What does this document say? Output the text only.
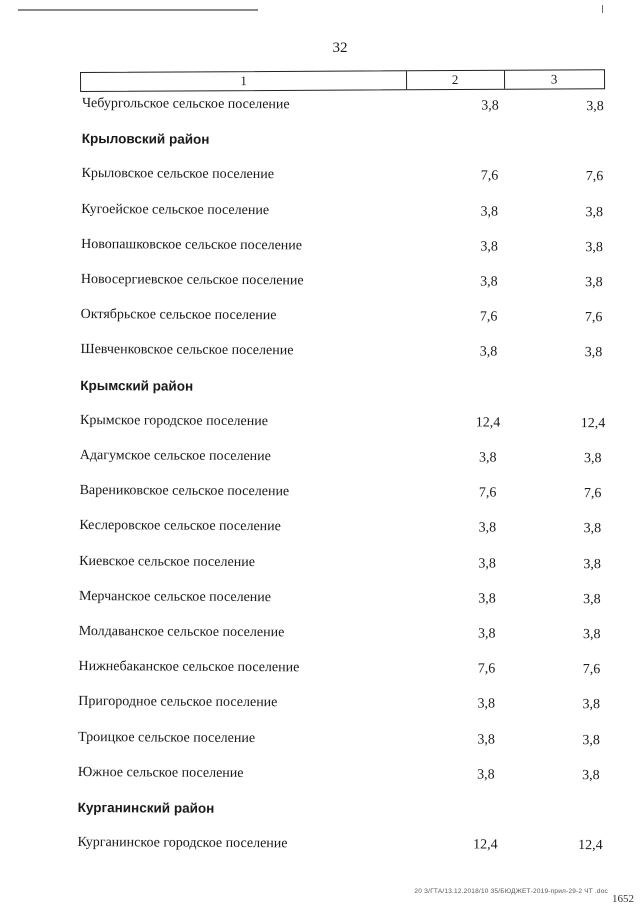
32
1	2	3
Чебургольское сельское поселение	3,8	3,8
Крыловский район
Крыловское сельское поселение	7,6	7,6
Кугоейское сельское поселение	3,8	3,8
Новопашковское сельское поселение	3,8	3,8
Новосергиевское сельское поселение	3,8	3,8
Октябрьское сельское поселение	7,6	7,6
Шевченковское сельское поселение	3,8	3,8
Крымский район
Крымское городское поселение	12,4	12,4
Адагумское сельское поселение	3,8	3,8
Варениковское сельское поселение	7,6	7,6
Кеслеровское сельское поселение	3,8	3,8
Киевское сельское поселение	3,8	3,8
Мерчанское сельское поселение	3,8	3,8
Молдаванское сельское поселение	3,8	3,8
Нижнебаканское сельское поселение	7,6	7,6
Пригородное сельское поселение	3,8	3,8
Троицкое сельское поселение	3,8	3,8
Южное сельское поселение	3,8	3,8
Курганинский район
Курганинское городское поселение	12,4	12,4
20 З/ГТА/13.12.2018/10 35/БЮДЖЕТ-2019-прил-29-2 ЧТ .doc
1652
